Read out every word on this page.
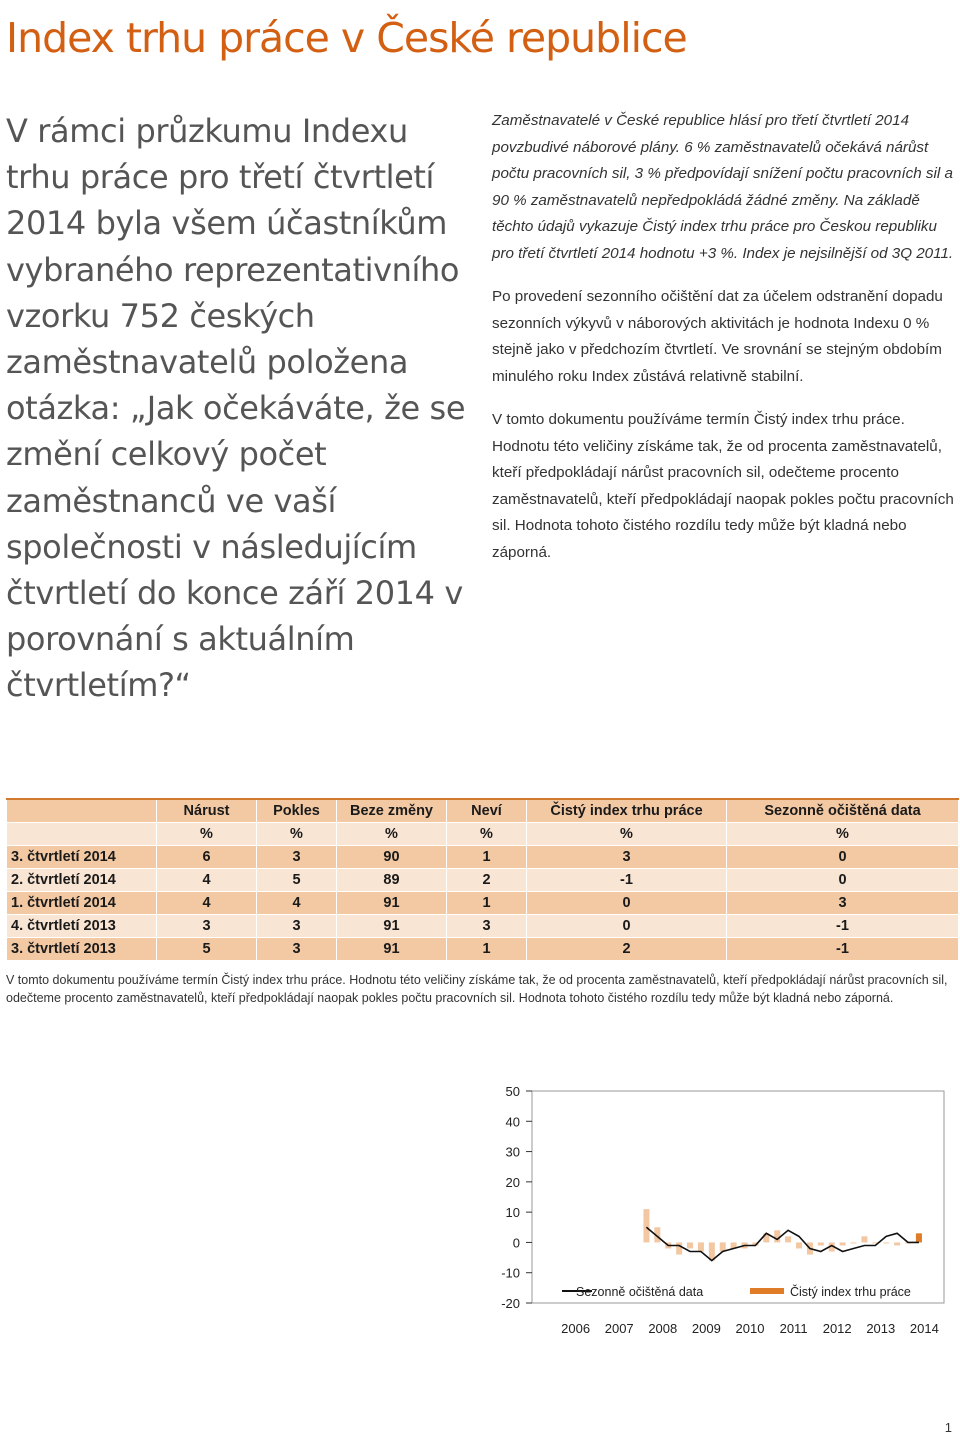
Index trhu práce v České republice

V rámci průzkumu Indexu trhu práce pro třetí čtvrtletí 2014 byla všem účastníkům vybraného reprezentativního vzorku 752 českých zaměstnavatelů položena otázka: „Jak očekáváte, že se změní celkový počet zaměstnanců ve vaší společnosti v následujícím čtvrtletí do konce září 2014 v porovnání s aktuálním čtvrtletím?“

Zaměstnavatelé v České republice hlásí pro třetí čtvrtletí 2014 povzbudivé náborové plány. 6 % zaměstnavatelů očekává nárůst počtu pracovních sil, 3 % předpovídají snížení počtu pracovních sil a 90 % zaměstnavatelů nepředpokládá žádné změny. Na základě těchto údajů vykazuje Čistý index trhu práce pro Českou republiku pro třetí čtvrtletí 2014 hodnotu +3 %. Index je nejsilnější od 3Q 2011.

Po provedení sezonního očištění dat za účelem odstranění dopadu sezonních výkyvů v náborových aktivitách je hodnota Indexu 0 % stejně jako v předchozím čtvrtletí. Ve srovnání se stejným obdobím minulého roku Index zůstává relativně stabilní.

V tomto dokumentu používáme termín Čistý index trhu práce. Hodnotu této veličiny získáme tak, že od procenta zaměstnavatelů, kteří předpokládají nárůst pracovních sil, odečteme procento zaměstnavatelů, kteří předpokládají naopak pokles počtu pracovních sil. Hodnota tohoto čistého rozdílu tedy může být kladná nebo záporná.

	Nárust	Pokles	Beze změny	Neví	Čistý index trhu práce	Sezonně očištěná data
	%	%	%	%	%	%
3. čtvrtletí 2014	6	3	90	1	3	0
2. čtvrtletí 2014	4	5	89	2	-1	0
1. čtvrtletí 2014	4	4	91	1	0	3
4. čtvrtletí 2013	3	3	91	3	0	-1
3. čtvrtletí 2013	5	3	91	1	2	-1
V tomto dokumentu používáme termín Čistý index trhu práce. Hodnotu této veličiny získáme tak, že od procenta zaměstnavatelů, kteří předpokládají nárůst pracovních sil, odečteme procento zaměstnavatelů, kteří předpokládají naopak pokles počtu pracovních sil. Hodnota tohoto čistého rozdílu tedy může být kladná nebo záporná.
50
40
30
20
10
0
-10
-20
2006 2007 2008 2009 2010 2011 2012 2013 2014
Sezonně očištěná data	Čistý index trhu práce
1
